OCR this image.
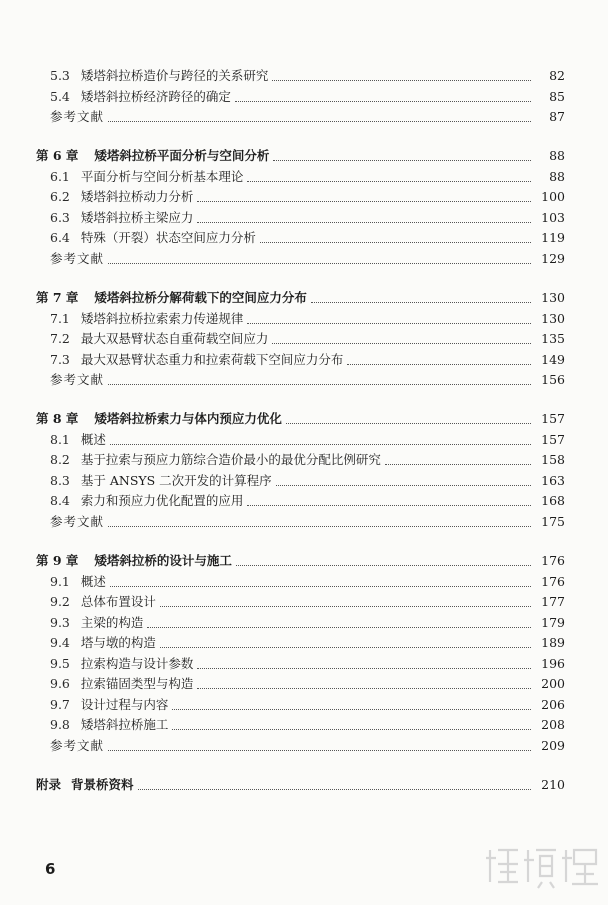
5.3 矮塔斜拉桥造价与跨径的关系研究	82
5.4 矮塔斜拉桥经济跨径的确定	85
参考文献	87
第 6 章	矮塔斜拉桥平面分析与空间分析	88
6.1 平面分析与空间分析基本理论	88
6.2 矮塔斜拉桥动力分析	100
6.3 矮塔斜拉桥主梁应力	103
6.4 特殊（开裂）状态空间应力分析	119
参考文献	129
第 7 章	矮塔斜拉桥分解荷载下的空间应力分布	130
7.1 矮塔斜拉桥拉索索力传递规律	130
7.2 最大双悬臂状态自重荷载空间应力	135
7.3 最大双悬臂状态重力和拉索荷载下空间应力分布	149
参考文献	156
第 8 章	矮塔斜拉桥索力与体内预应力优化	157
8.1 概述	157
8.2 基于拉索与预应力筋综合造价最小的最优分配比例研究	158
8.3 基于 ANSYS 二次开发的计算程序	163
8.4 索力和预应力优化配置的应用	168
参考文献	175
第 9 章	矮塔斜拉桥的设计与施工	176
9.1 概述	176
9.2 总体布置设计	177
9.3 主梁的构造	179
9.4 塔与墩的构造	189
9.5 拉索构造与设计参数	196
9.6 拉索锚固类型与构造	200
9.7 设计过程与内容	206
9.8 矮塔斜拉桥施工	208
参考文献	209
附录 背景桥资料	210
6
